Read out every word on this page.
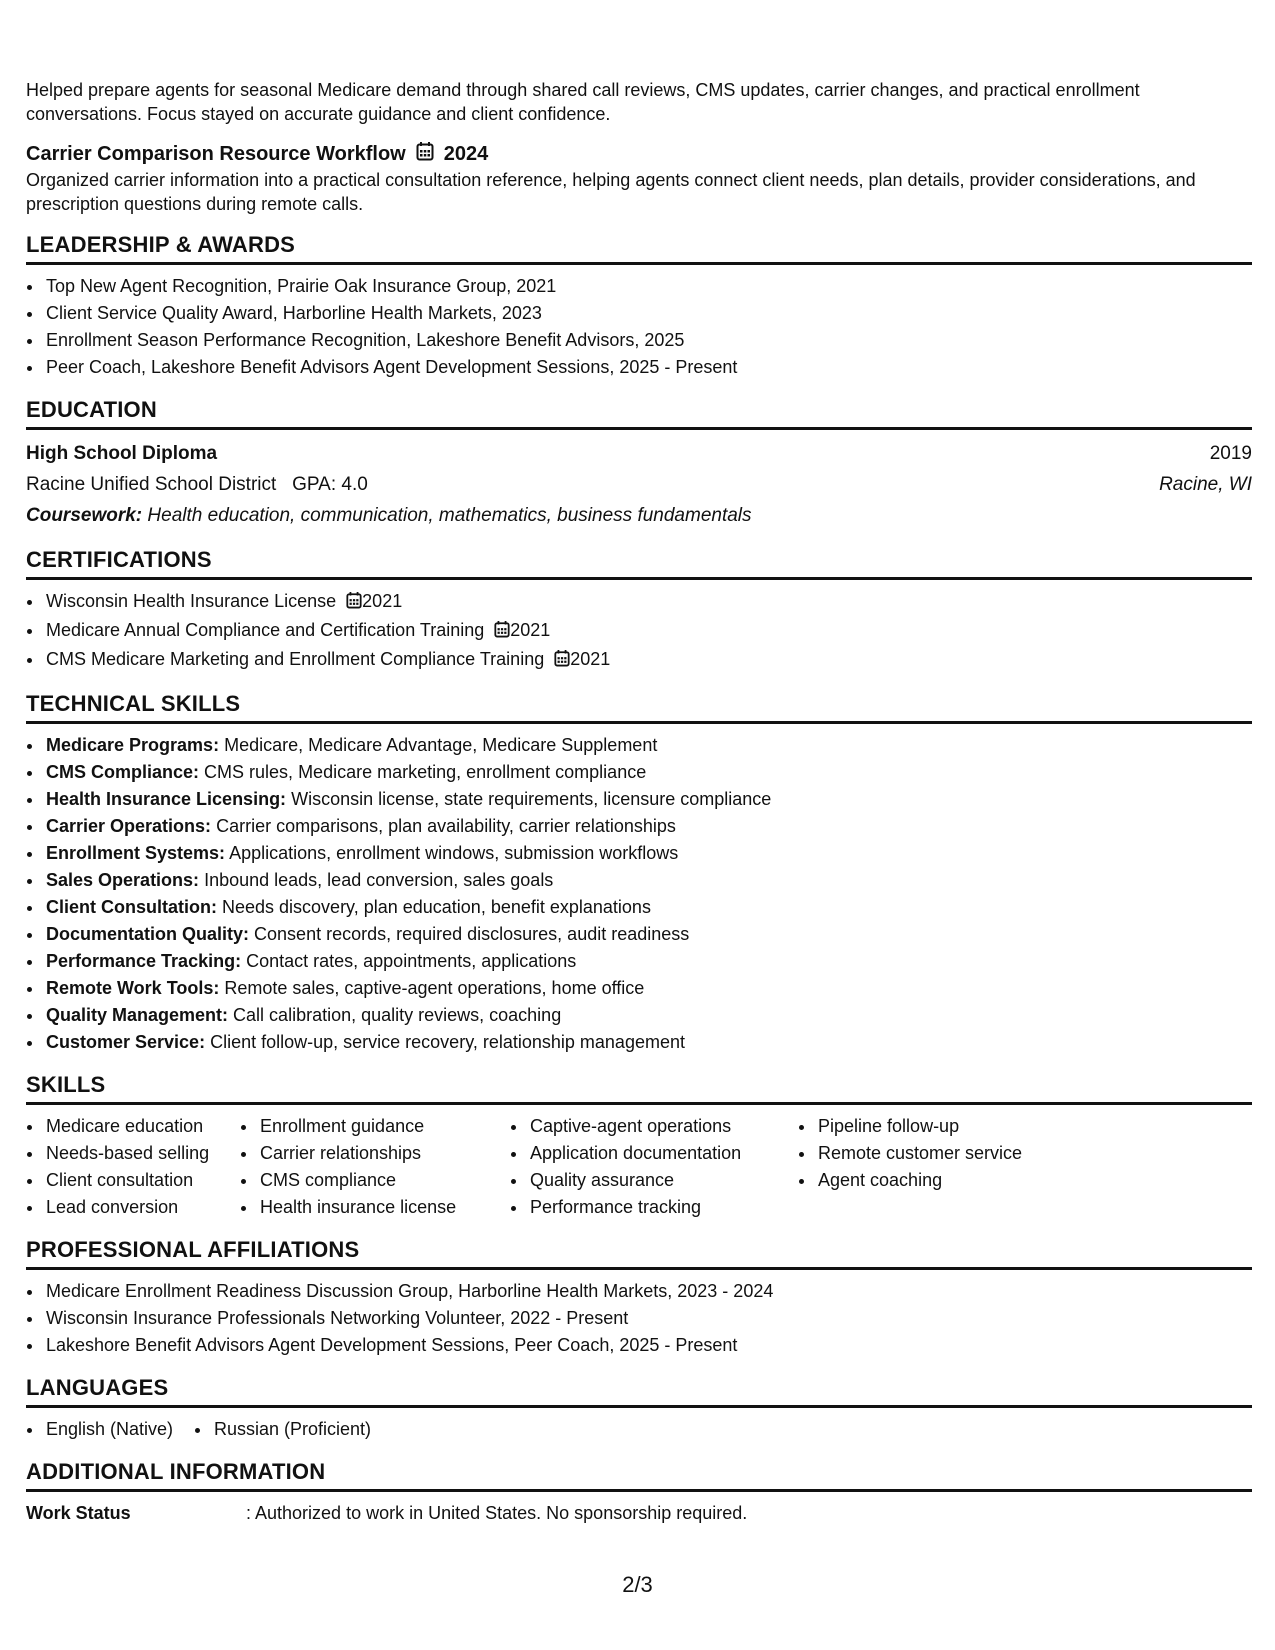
Helped prepare agents for seasonal Medicare demand through shared call reviews, CMS updates, carrier changes, and practical enrollment conversations. Focus stayed on accurate guidance and client confidence.

Carrier Comparison Resource Workflow 2024

Organized carrier information into a practical consultation reference, helping agents connect client needs, plan details, provider considerations, and prescription questions during remote calls.

LEADERSHIP & AWARDS
• Top New Agent Recognition, Prairie Oak Insurance Group, 2021
• Client Service Quality Award, Harborline Health Markets, 2023
• Enrollment Season Performance Recognition, Lakeshore Benefit Advisors, 2025
• Peer Coach, Lakeshore Benefit Advisors Agent Development Sessions, 2025 - Present
EDUCATION
High School Diploma	2019
Racine Unified School District GPA: 4.0	Racine, WI
Coursework: Health education, communication, mathematics, business fundamentals
CERTIFICATIONS
• Wisconsin Health Insurance License 2021
• Medicare Annual Compliance and Certification Training 2021
• CMS Medicare Marketing and Enrollment Compliance Training 2021
TECHNICAL SKILLS
• Medicare Programs: Medicare, Medicare Advantage, Medicare Supplement
• CMS Compliance: CMS rules, Medicare marketing, enrollment compliance
• Health Insurance Licensing: Wisconsin license, state requirements, licensure compliance
• Carrier Operations: Carrier comparisons, plan availability, carrier relationships
• Enrollment Systems: Applications, enrollment windows, submission workflows
• Sales Operations: Inbound leads, lead conversion, sales goals
• Client Consultation: Needs discovery, plan education, benefit explanations
• Documentation Quality: Consent records, required disclosures, audit readiness
• Performance Tracking: Contact rates, appointments, applications
• Remote Work Tools: Remote sales, captive-agent operations, home office
• Quality Management: Call calibration, quality reviews, coaching
• Customer Service: Client follow-up, service recovery, relationship management
SKILLS
• Medicare education
• Needs-based selling
• Client consultation
• Lead conversion
• Enrollment guidance
• Carrier relationships
• CMS compliance
• Health insurance license
• Captive-agent operations
• Application documentation
• Quality assurance
• Performance tracking
• Pipeline follow-up
• Remote customer service
• Agent coaching
PROFESSIONAL AFFILIATIONS
• Medicare Enrollment Readiness Discussion Group, Harborline Health Markets, 2023 - 2024
• Wisconsin Insurance Professionals Networking Volunteer, 2022 - Present
• Lakeshore Benefit Advisors Agent Development Sessions, Peer Coach, 2025 - Present
LANGUAGES
• English (Native)
•	Russian (Proficient)
ADDITIONAL INFORMATION
Work Status	: Authorized to work in United States. No sponsorship required.
2/3
